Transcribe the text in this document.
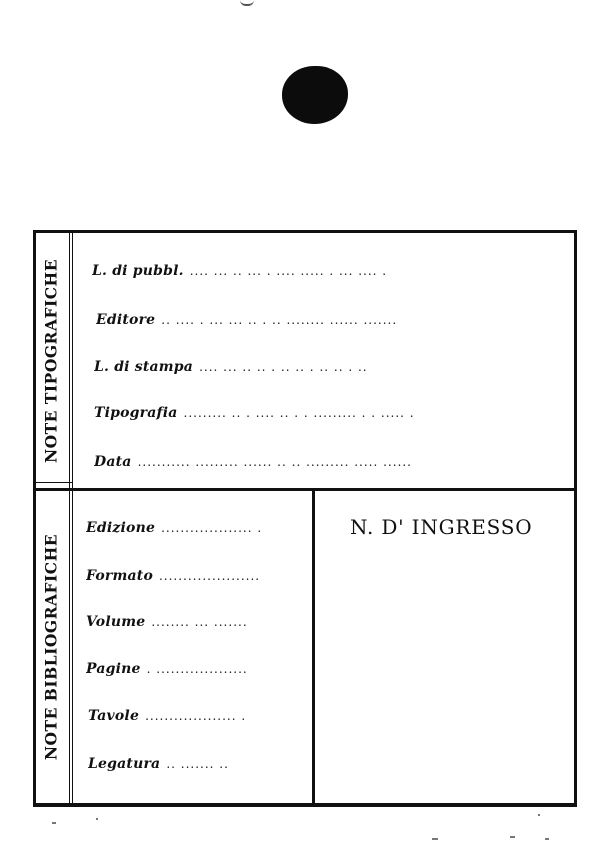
NOTE TIPOGRAFICHE
NOTE BIBLIOGRAFICHE
L. di pubbl. .... ... .. ... . .... ..... . ... .... .
Editore .. .... . ... ... .. . .. ........ ...... .......
L. di stampa .... ... .. .. . .. .. . .. .. . ..
Tipografia ......... .. . .... .. . . ......... . . ..... .
Data ........... ......... ...... .. .. ......... ..... ......
Edizione ................... .
Formato .....................
Volume ........ ... .......
Pagine . ...................
Tavole ................... .
Legatura .. ....... ..
N. D' INGRESSO
